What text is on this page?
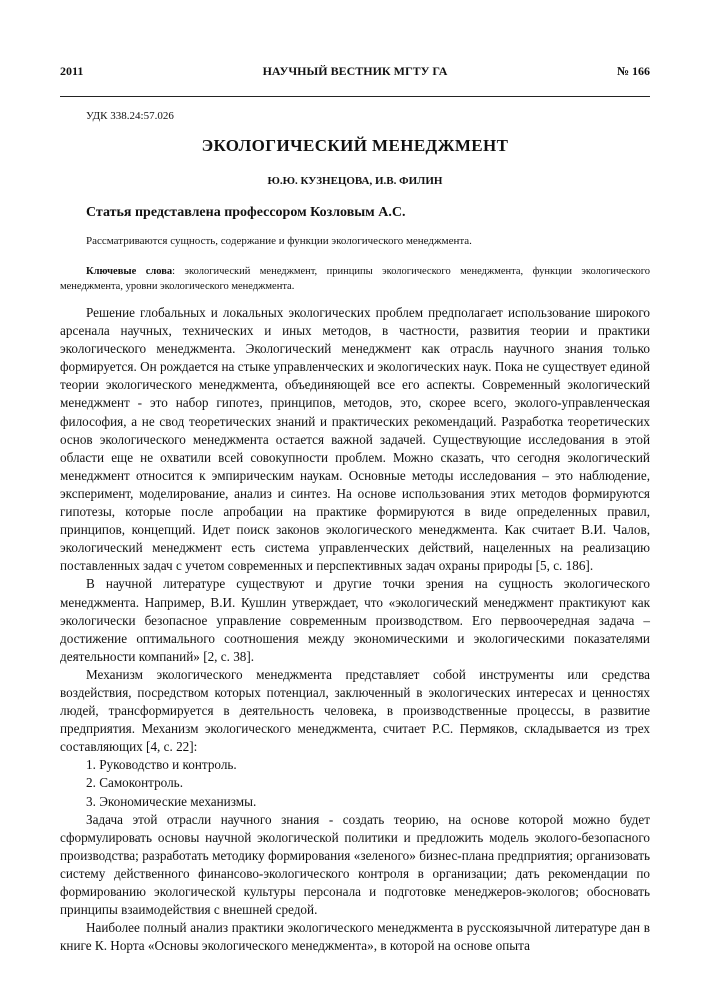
2011	НАУЧНЫЙ ВЕСТНИК МГТУ ГА	№ 166
УДК 338.24:57.026
ЭКОЛОГИЧЕСКИЙ МЕНЕДЖМЕНТ
Ю.Ю. КУЗНЕЦОВА, И.В. ФИЛИН
Статья представлена профессором Козловым А.С.
Рассматриваются сущность, содержание и функции экологического менеджмента.
Ключевые слова: экологический менеджмент, принципы экологического менеджмента, функции экологического менеджмента, уровни экологического менеджмента.

Решение глобальных и локальных экологических проблем предполагает использование широкого арсенала научных, технических и иных методов, в частности, развития теории и практики экологического менеджмента. Экологический менеджмент как отрасль научного знания только формируется. Он рождается на стыке управленческих и экологических наук. Пока не существует единой теории экологического менеджмента, объединяющей все его аспекты. Современный экологический менеджмент - это набор гипотез, принципов, методов, это, скорее всего, эколого-управленческая философия, а не свод теоретических знаний и практических рекомендаций. Разработка теоретических основ экологического менеджмента остается важной задачей. Существующие исследования в этой области еще не охватили всей совокупности проблем. Можно сказать, что сегодня экологический менеджмент относится к эмпирическим наукам. Основные методы исследования – это наблюдение, эксперимент, моделирование, анализ и синтез. На основе использования этих методов формируются гипотезы, которые после апробации на практике формируются в виде определенных правил, принципов, концепций. Идет поиск законов экологического менеджмента. Как считает В.И. Чалов, экологический менеджмент есть система управленческих действий, нацеленных на реализацию поставленных задач с учетом современных и перспективных задач охраны природы [5, с. 186].

В научной литературе существуют и другие точки зрения на сущность экологического менеджмента. Например, В.И. Кушлин утверждает, что «экологический менеджмент практикуют как экологически безопасное управление современным производством. Его первоочередная задача – достижение оптимального соотношения между экономическими и экологическими показателями деятельности компаний» [2, с. 38].

Механизм экологического менеджмента представляет собой инструменты или средства воздействия, посредством которых потенциал, заключенный в экологических интересах и ценностях людей, трансформируется в деятельность человека, в производственные процессы, в развитие предприятия. Механизм экологического менеджмента, считает Р.С. Пермяков, складывается из трех составляющих [4, с. 22]:

1. Руководство и контроль.
2. Самоконтроль.
3. Экономические механизмы.

Задача этой отрасли научного знания - создать теорию, на основе которой можно будет сформулировать основы научной экологической политики и предложить модель эколого-безопасного производства; разработать методику формирования «зеленого» бизнес-плана предприятия; организовать систему действенного финансово-экологического контроля в организации; дать рекомендации по формированию экологической культуры персонала и подготовке менеджеров-экологов; обосновать принципы взаимодействия с внешней средой.

Наиболее полный анализ практики экологического менеджмента в русскоязычной литературе дан в книге К. Норта «Основы экологического менеджмента», в которой на основе опыта
